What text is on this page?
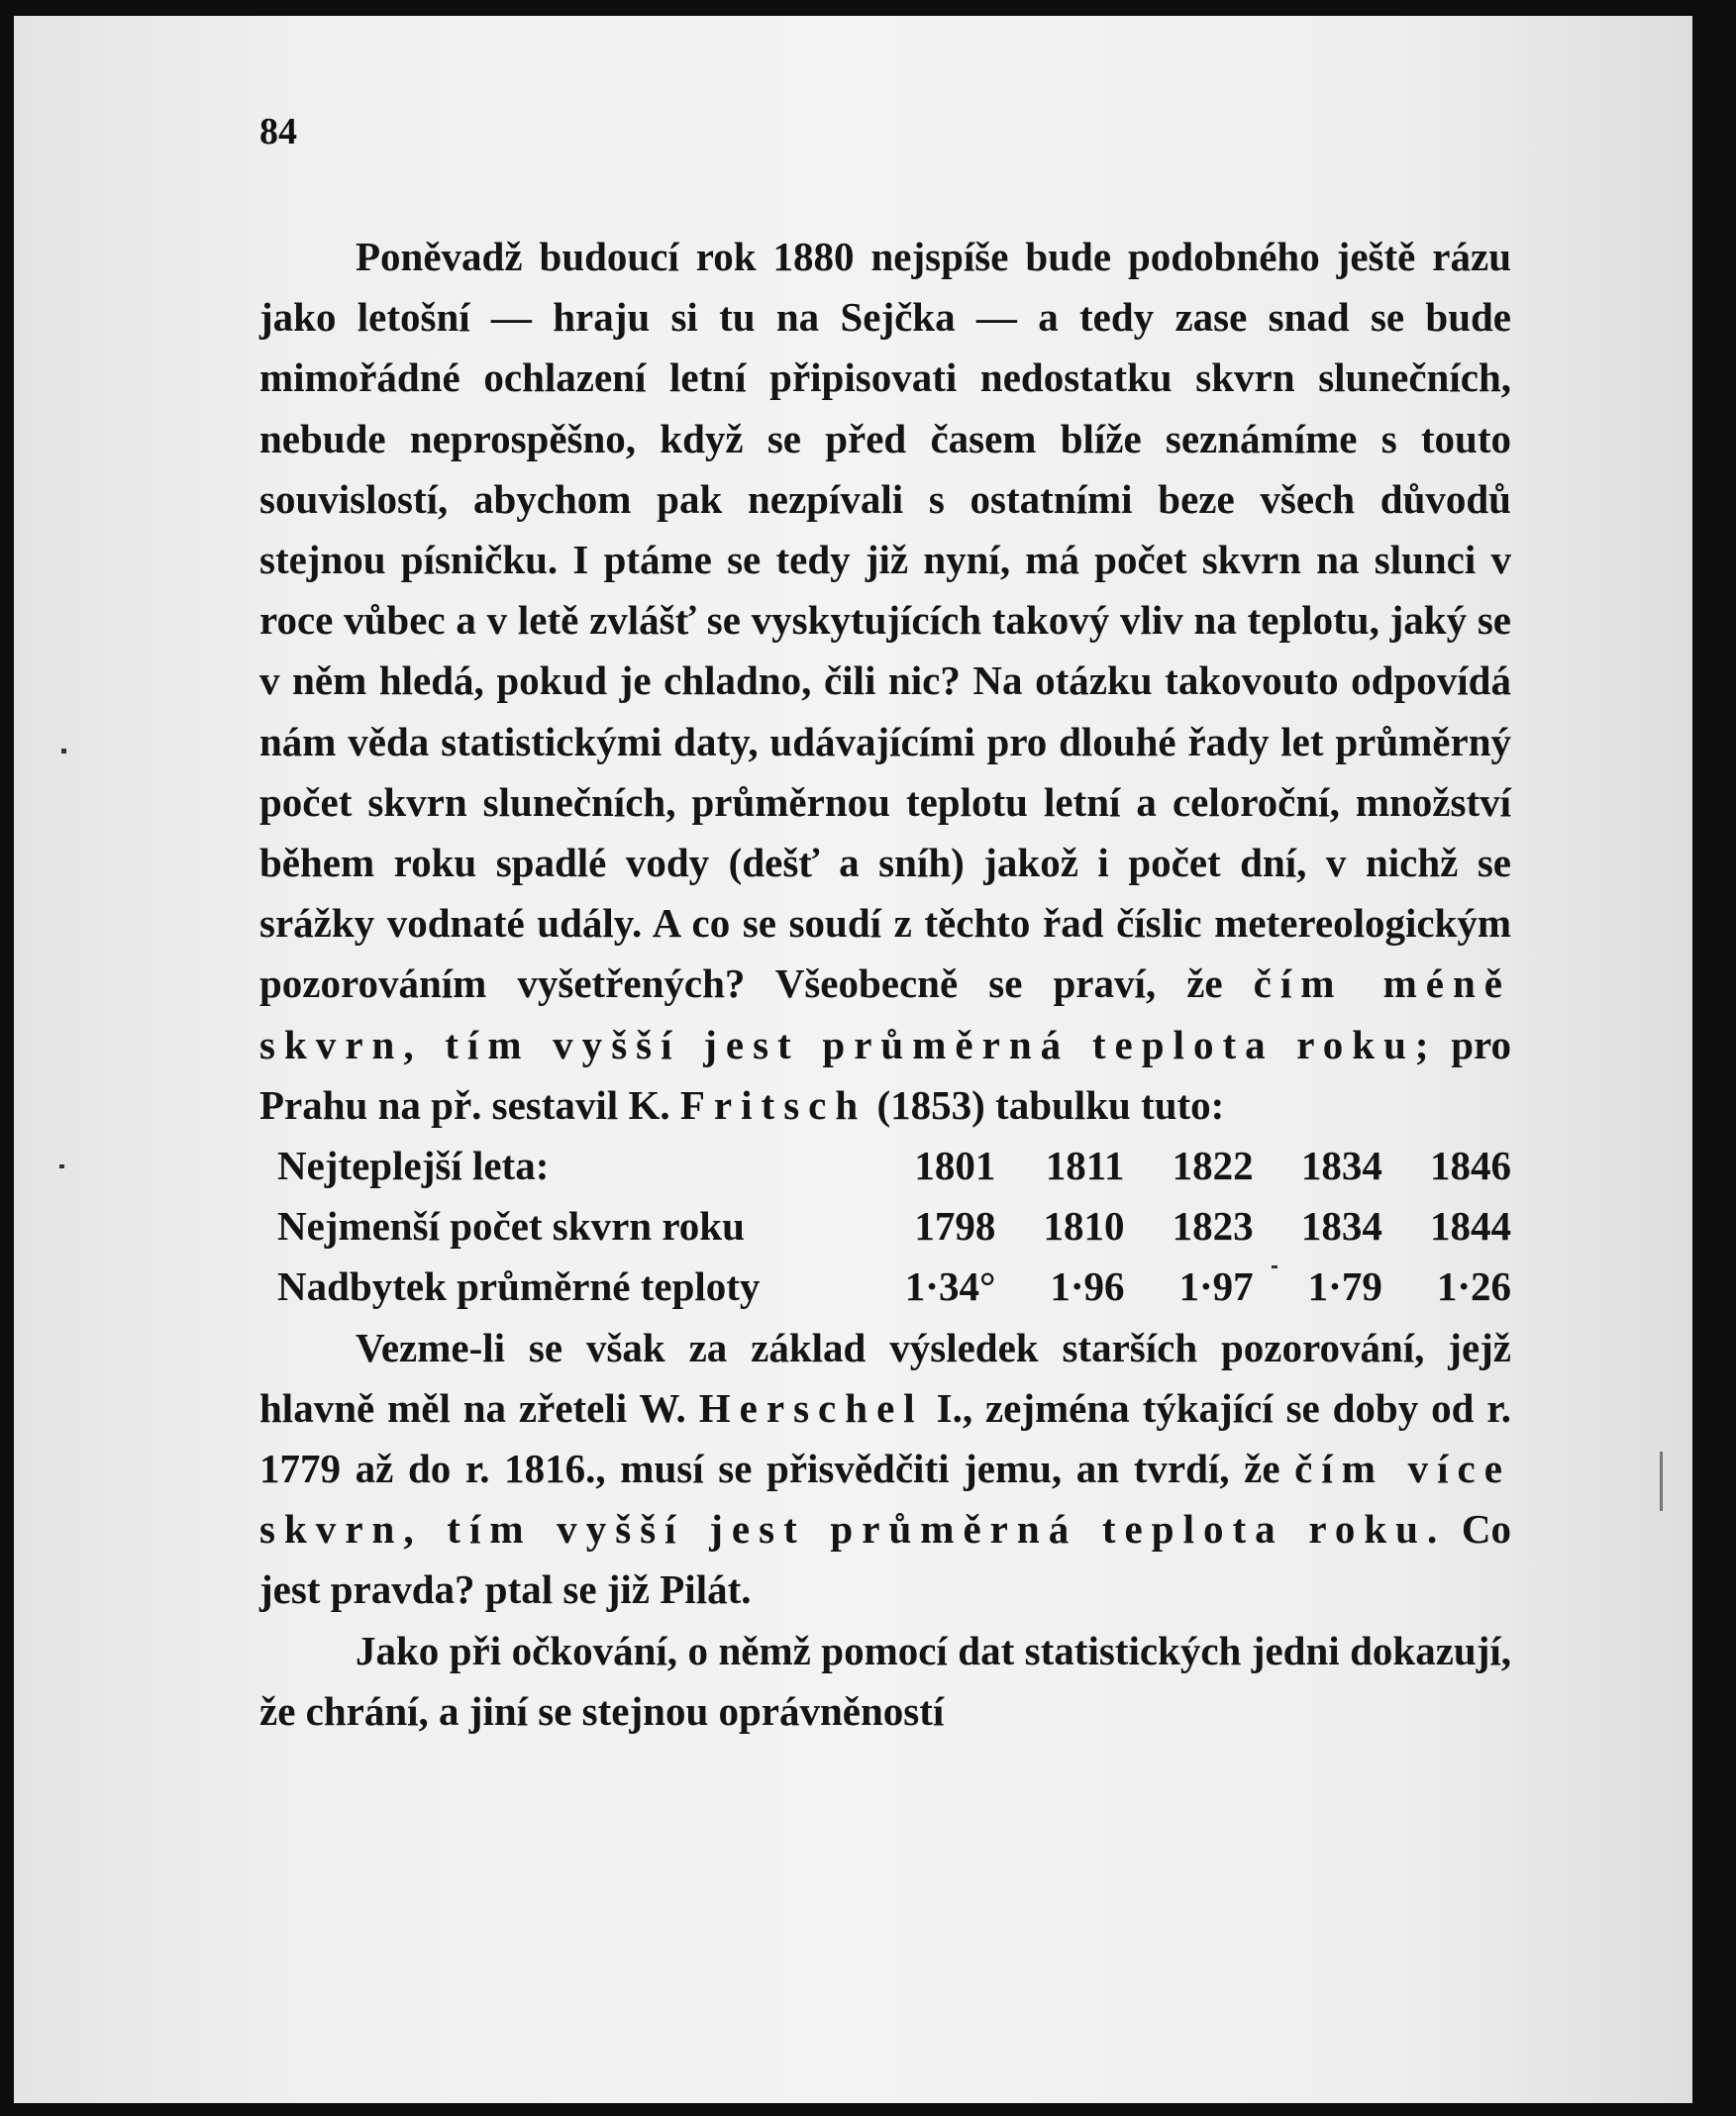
84

Poněvadž budoucí rok 1880 nejspíše bude podobného ještě rázu jako letošní — hraju si tu na Sejčka — a tedy zase snad se bude mimořádné ochlazení letní připisovati nedostatku skvrn slunečních, nebude neprospěšno, když se před časem blíže seznámíme s touto souvislostí, abychom pak nezpívali s ostatními beze všech důvodů stejnou písničku. I ptáme se tedy již nyní, má počet skvrn na slunci v roce vůbec a v letě zvlášť se vyskytujících takový vliv na teplotu, jaký se v něm hledá, pokud je chladno, čili nic? Na otázku takovouto odpovídá nám věda statistickými daty, udávajícími pro dlouhé řady let průměrný počet skvrn slunečních, průměrnou teplotu letní a celoroční, množství během roku spadlé vody (dešť a sníh) jakož i počet dní, v nichž se srážky vodnaté udály. A co se soudí z těchto řad číslic metereologickým pozorováním vyšetřených? Všeobecně se praví, že čím méně skvrn, tím vyšší jest průměrná teplota roku; pro Prahu na př. sestavil K. Fritsch (1853) tabulku tuto:

Nejteplejší leta:	1801	1811	1822	1834	1846
Nejmenší počet skvrn roku	1798	1810	1823	1834	1844
Nadbytek průměrné teploty	1·34°	1·96	1·97	1·79	1·26

Vezme-li se však za základ výsledek starších pozorování, jejž hlavně měl na zřeteli W. Herschel I., zejména týkající se doby od r. 1779 až do r. 1816., musí se přisvědčiti jemu, an tvrdí, že čím více skvrn, tím vyšší jest průměrná teplota roku. Co jest pravda? ptal se již Pilát.

Jako při očkování, o němž pomocí dat statistických jedni dokazují, že chrání, a jiní se stejnou oprávněností
